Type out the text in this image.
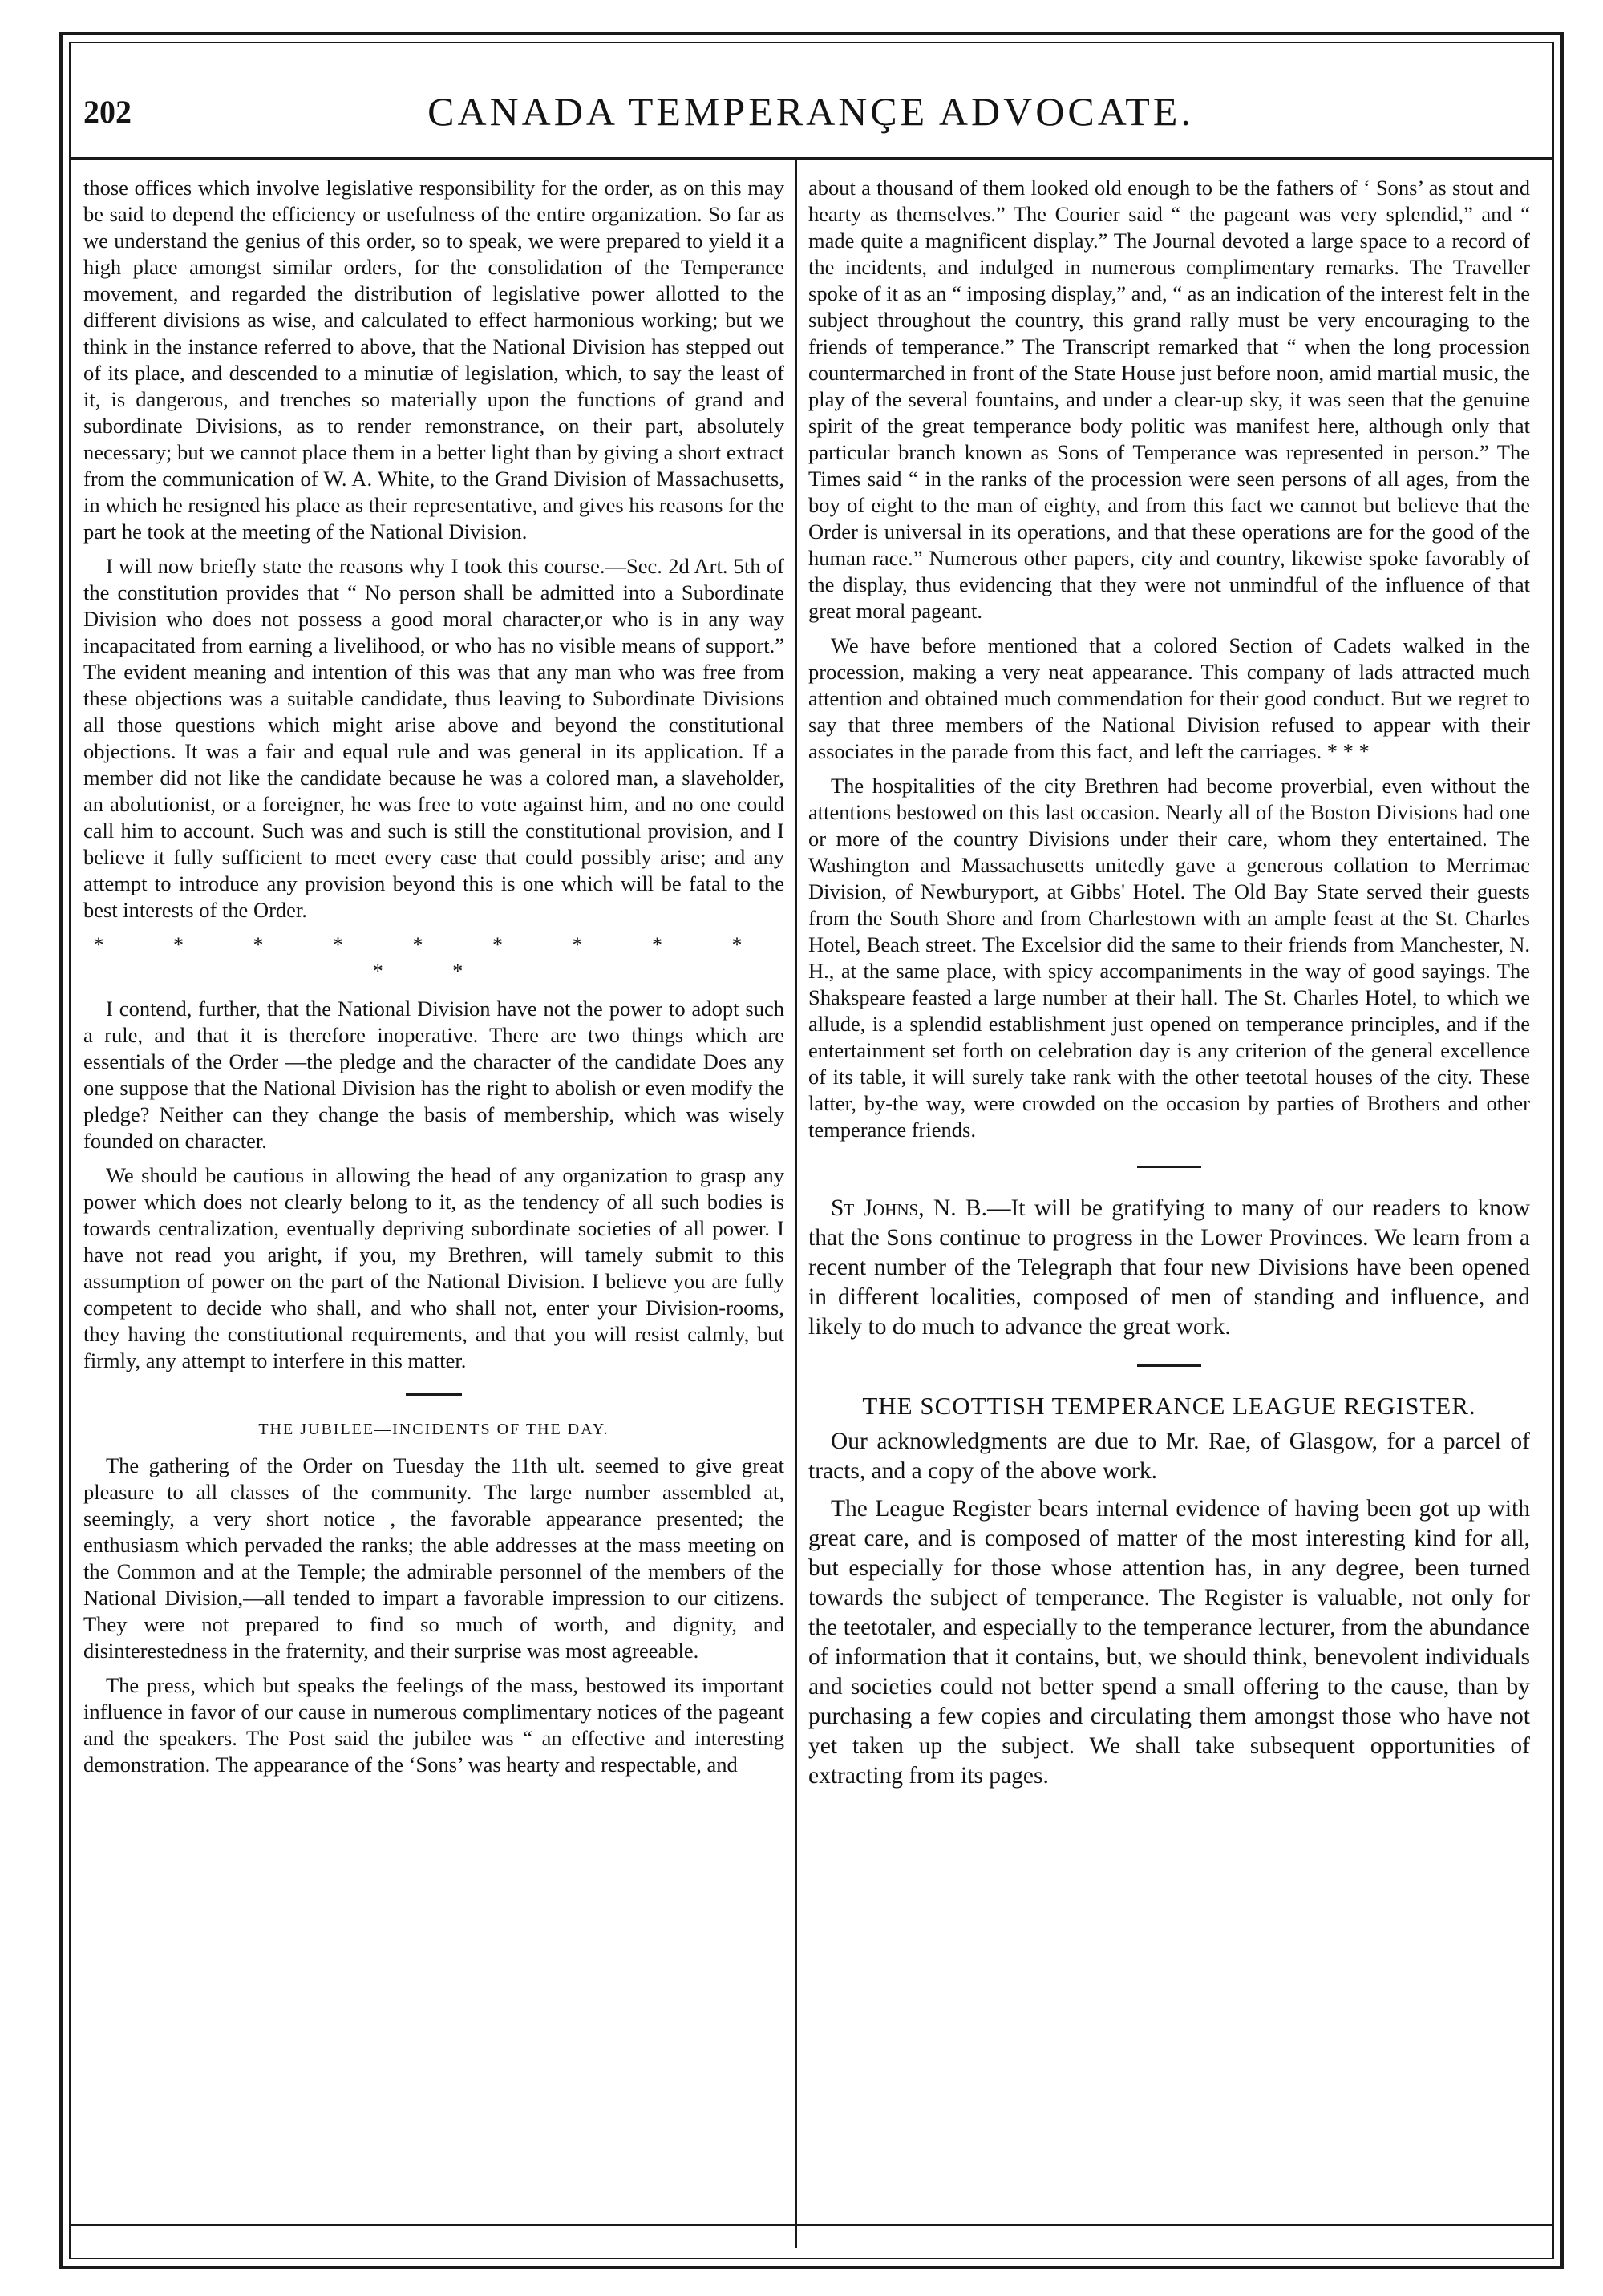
202	CANADA TEMPERANÇE ADVOCATE.

those offices which involve legislative responsibility for the order, as on this may be said to depend the efficiency or usefulness of the entire organization. So far as we understand the genius of this order, so to speak, we were prepared to yield it a high place amongst similar orders, for the consolidation of the Temperance movement, and regarded the distribution of legislative power allotted to the different divisions as wise, and calculated to effect harmonious working; but we think in the instance referred to above, that the National Division has stepped out of its place, and descended to a minutiæ of legislation, which, to say the least of it, is dangerous, and trenches so materially upon the functions of grand and subordinate Divisions, as to render remonstrance, on their part, absolutely necessary; but we cannot place them in a better light than by giving a short extract from the communication of W. A. White, to the Grand Division of Massachusetts, in which he resigned his place as their representative, and gives his reasons for the part he took at the meeting of the National Division.

I will now briefly state the reasons why I took this course.—Sec. 2d Art. 5th of the constitution provides that “ No person shall be admitted into a Subordinate Division who does not possess a good moral character,or who is in any way incapacitated from earning a livelihood, or who has no visible means of support.” The evident meaning and intention of this was that any man who was free from these objections was a suitable candidate, thus leaving to Subordinate Divisions all those questions which might arise above and beyond the constitutional objections. It was a fair and equal rule and was general in its application. If a member did not like the candidate because he was a colored man, a slaveholder, an abolutionist, or a foreigner, he was free to vote against him, and no one could call him to account. Such was and such is still the constitutional provision, and I believe it fully sufficient to meet every case that could possibly arise; and any attempt to introduce any provision beyond this is one which will be fatal to the best interests of the Order.

* * * * * * * * * * *

I contend, further, that the National Division have not the power to adopt such a rule, and that it is therefore inoperative. There are two things which are essentials of the Order —the pledge and the character of the candidate Does any one suppose that the National Division has the right to abolish or even modify the pledge? Neither can they change the basis of membership, which was wisely founded on character.

We should be cautious in allowing the head of any organization to grasp any power which does not clearly belong to it, as the tendency of all such bodies is towards centralization, eventually depriving subordinate societies of all power. I have not read you aright, if you, my Brethren, will tamely submit to this assumption of power on the part of the National Division. I believe you are fully competent to decide who shall, and who shall not, enter your Division-rooms, they having the constitutional requirements, and that you will resist calmly, but firmly, any attempt to interfere in this matter.

THE JUBILEE—INCIDENTS OF THE DAY.

The gathering of the Order on Tuesday the 11th ult. seemed to give great pleasure to all classes of the community. The large number assembled at, seemingly, a very short notice , the favorable appearance presented; the enthusiasm which pervaded the ranks; the able addresses at the mass meeting on the Common and at the Temple; the admirable personnel of the members of the National Division,—all tended to impart a favorable impression to our citizens. They were not prepared to find so much of worth, and dignity, and disinterestedness in the fraternity, and their surprise was most agreeable.

The press, which but speaks the feelings of the mass, bestowed its important influence in favor of our cause in numerous complimentary notices of the pageant and the speakers. The Post said the jubilee was “ an effective and interesting demonstration. The appearance of the ‘Sons’ was hearty and respectable, and

about a thousand of them looked old enough to be the fathers of ‘ Sons’ as stout and hearty as themselves.” The Courier said “ the pageant was very splendid,” and “ made quite a magnificent display.” The Journal devoted a large space to a record of the incidents, and indulged in numerous complimentary remarks. The Traveller spoke of it as an “ imposing display,” and, “ as an indication of the interest felt in the subject throughout the country, this grand rally must be very encouraging to the friends of temperance.” The Transcript remarked that “ when the long procession countermarched in front of the State House just before noon, amid martial music, the play of the several fountains, and under a clear-up sky, it was seen that the genuine spirit of the great temperance body politic was manifest here, although only that particular branch known as Sons of Temperance was represented in person.” The Times said “ in the ranks of the procession were seen persons of all ages, from the boy of eight to the man of eighty, and from this fact we cannot but believe that the Order is universal in its operations, and that these operations are for the good of the human race.” Numerous other papers, city and country, likewise spoke favorably of the display, thus evidencing that they were not unmindful of the influence of that great moral pageant.

We have before mentioned that a colored Section of Cadets walked in the procession, making a very neat appearance. This company of lads attracted much attention and obtained much commendation for their good conduct. But we regret to say that three members of the National Division refused to appear with their associates in the parade from this fact, and left the carriages. * * *

The hospitalities of the city Brethren had become proverbial, even without the attentions bestowed on this last occasion. Nearly all of the Boston Divisions had one or more of the country Divisions under their care, whom they entertained. The Washington and Massachusetts unitedly gave a generous collation to Merrimac Division, of Newburyport, at Gibbs' Hotel. The Old Bay State served their guests from the South Shore and from Charlestown with an ample feast at the St. Charles Hotel, Beach street. The Excelsior did the same to their friends from Manchester, N. H., at the same place, with spicy accompaniments in the way of good sayings. The Shakspeare feasted a large number at their hall. The St. Charles Hotel, to which we allude, is a splendid establishment just opened on temperance principles, and if the entertainment set forth on celebration day is any criterion of the general excellence of its table, it will surely take rank with the other teetotal houses of the city. These latter, by-the way, were crowded on the occasion by parties of Brothers and other temperance friends.

St Johns, N. B.—It will be gratifying to many of our readers to know that the Sons continue to progress in the Lower Provinces. We learn from a recent number of the Telegraph that four new Divisions have been opened in different localities, composed of men of standing and influence, and likely to do much to advance the great work.

THE SCOTTISH TEMPERANCE LEAGUE REGISTER.

Our acknowledgments are due to Mr. Rae, of Glasgow, for a parcel of tracts, and a copy of the above work.

The League Register bears internal evidence of having been got up with great care, and is composed of matter of the most interesting kind for all, but especially for those whose attention has, in any degree, been turned towards the subject of temperance. The Register is valuable, not only for the teetotaler, and especially to the temperance lecturer, from the abundance of information that it contains, but, we should think, benevolent individuals and societies could not better spend a small offering to the cause, than by purchasing a few copies and circulating them amongst those who have not yet taken up the subject. We shall take subsequent opportunities of extracting from its pages.
